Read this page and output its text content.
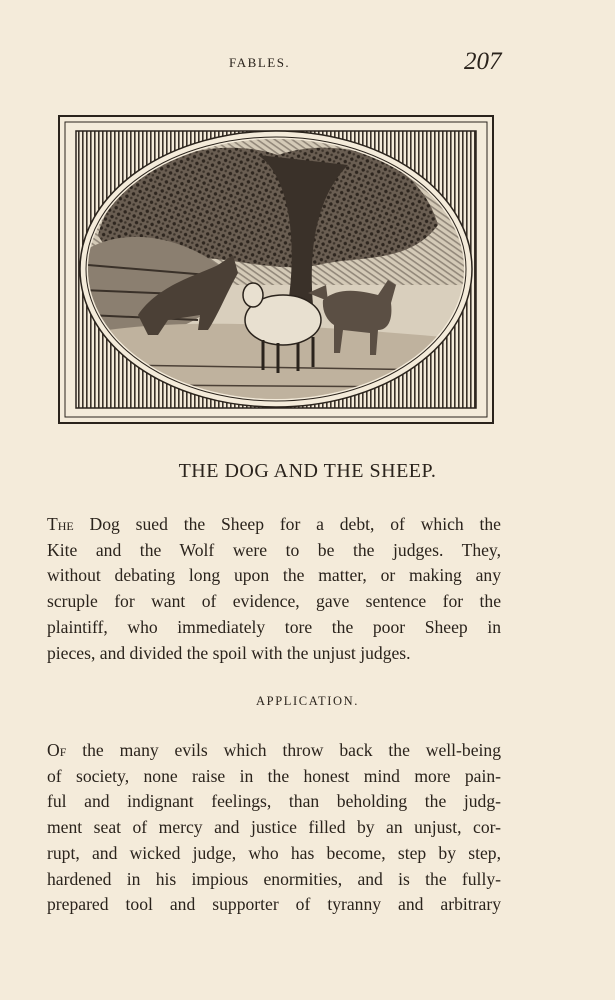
FABLES.	207
THE DOG AND THE SHEEP.
The Dog sued the Sheep for a debt, of which the
Kite and the Wolf were to be the judges. They,
without debating long upon the matter, or making any
scruple for want of evidence, gave sentence for the
plaintiff, who immediately tore the poor Sheep in
pieces, and divided the spoil with the unjust judges.
APPLICATION.
Of the many evils which throw back the well-being
of society, none raise in the honest mind more pain-
ful and indignant feelings, than beholding the judg-
ment seat of mercy and justice filled by an unjust, cor-
rupt, and wicked judge, who has become, step by step,
hardened in his impious enormities, and is the fully-
prepared tool and supporter of tyranny and arbitrary
